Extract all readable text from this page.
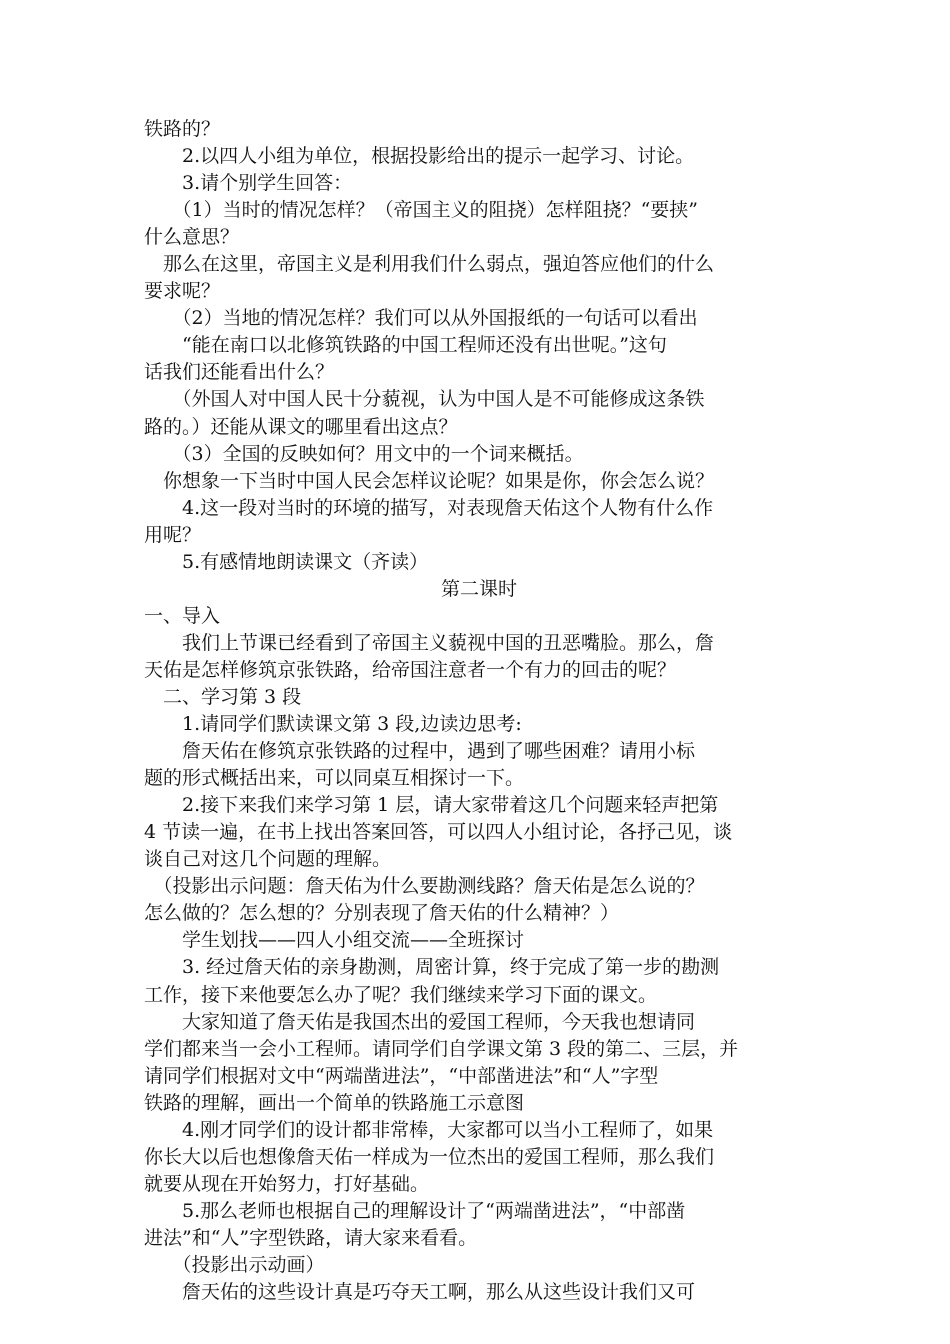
铁路的？
　　2.以四人小组为单位，根据投影给出的提示一起学习、讨论。
　　3.请个别学生回答：
　　（1）当时的情况怎样？（帝国主义的阻挠）怎样阻挠？“要挟”
什么意思？
　那么在这里，帝国主义是利用我们什么弱点，强迫答应他们的什么
要求呢？
　　（2）当地的情况怎样？我们可以从外国报纸的一句话可以看出
　　“能在南口以北修筑铁路的中国工程师还没有出世呢。”这句
话我们还能看出什么？
　　（外国人对中国人民十分藐视，认为中国人是不可能修成这条铁
路的。）还能从课文的哪里看出这点？
　　（3）全国的反映如何？用文中的一个词来概括。
　你想象一下当时中国人民会怎样议论呢？如果是你，你会怎么说？
　　4.这一段对当时的环境的描写，对表现詹天佑这个人物有什么作
用呢？
　　5.有感情地朗读课文（齐读）
第二课时
一、导入
　　我们上节课已经看到了帝国主义藐视中国的丑恶嘴脸。那么，詹
天佑是怎样修筑京张铁路，给帝国注意者一个有力的回击的呢？
　二、学习第 3 段
　　1.请同学们默读课文第 3 段,边读边思考:
　　詹天佑在修筑京张铁路的过程中，遇到了哪些困难？请用小标
题的形式概括出来，可以同桌互相探讨一下。
　　2.接下来我们来学习第 1 层，请大家带着这几个问题来轻声把第
4 节读一遍，在书上找出答案回答，可以四人小组讨论，各抒己见，谈
谈自己对这几个问题的理解。
　（投影出示问题：詹天佑为什么要勘测线路？詹天佑是怎么说的？
怎么做的？怎么想的？分别表现了詹天佑的什么精神？）
　　学生划找——四人小组交流——全班探讨
　　3. 经过詹天佑的亲身勘测，周密计算，终于完成了第一步的勘测
工作，接下来他要怎么办了呢？我们继续来学习下面的课文。
　　大家知道了詹天佑是我国杰出的爱国工程师，今天我也想请同
学们都来当一会小工程师。请同学们自学课文第 3 段的第二、三层，并
请同学们根据对文中“两端凿进法”，“中部凿进法”和“人”字型
铁路的理解，画出一个简单的铁路施工示意图
　　4.刚才同学们的设计都非常棒，大家都可以当小工程师了，如果
你长大以后也想像詹天佑一样成为一位杰出的爱国工程师，那么我们
就要从现在开始努力，打好基础。
　　5.那么老师也根据自己的理解设计了“两端凿进法”，“中部凿
进法”和“人”字型铁路，请大家来看看。
　　（投影出示动画）
　　詹天佑的这些设计真是巧夺天工啊，那么从这些设计我们又可
